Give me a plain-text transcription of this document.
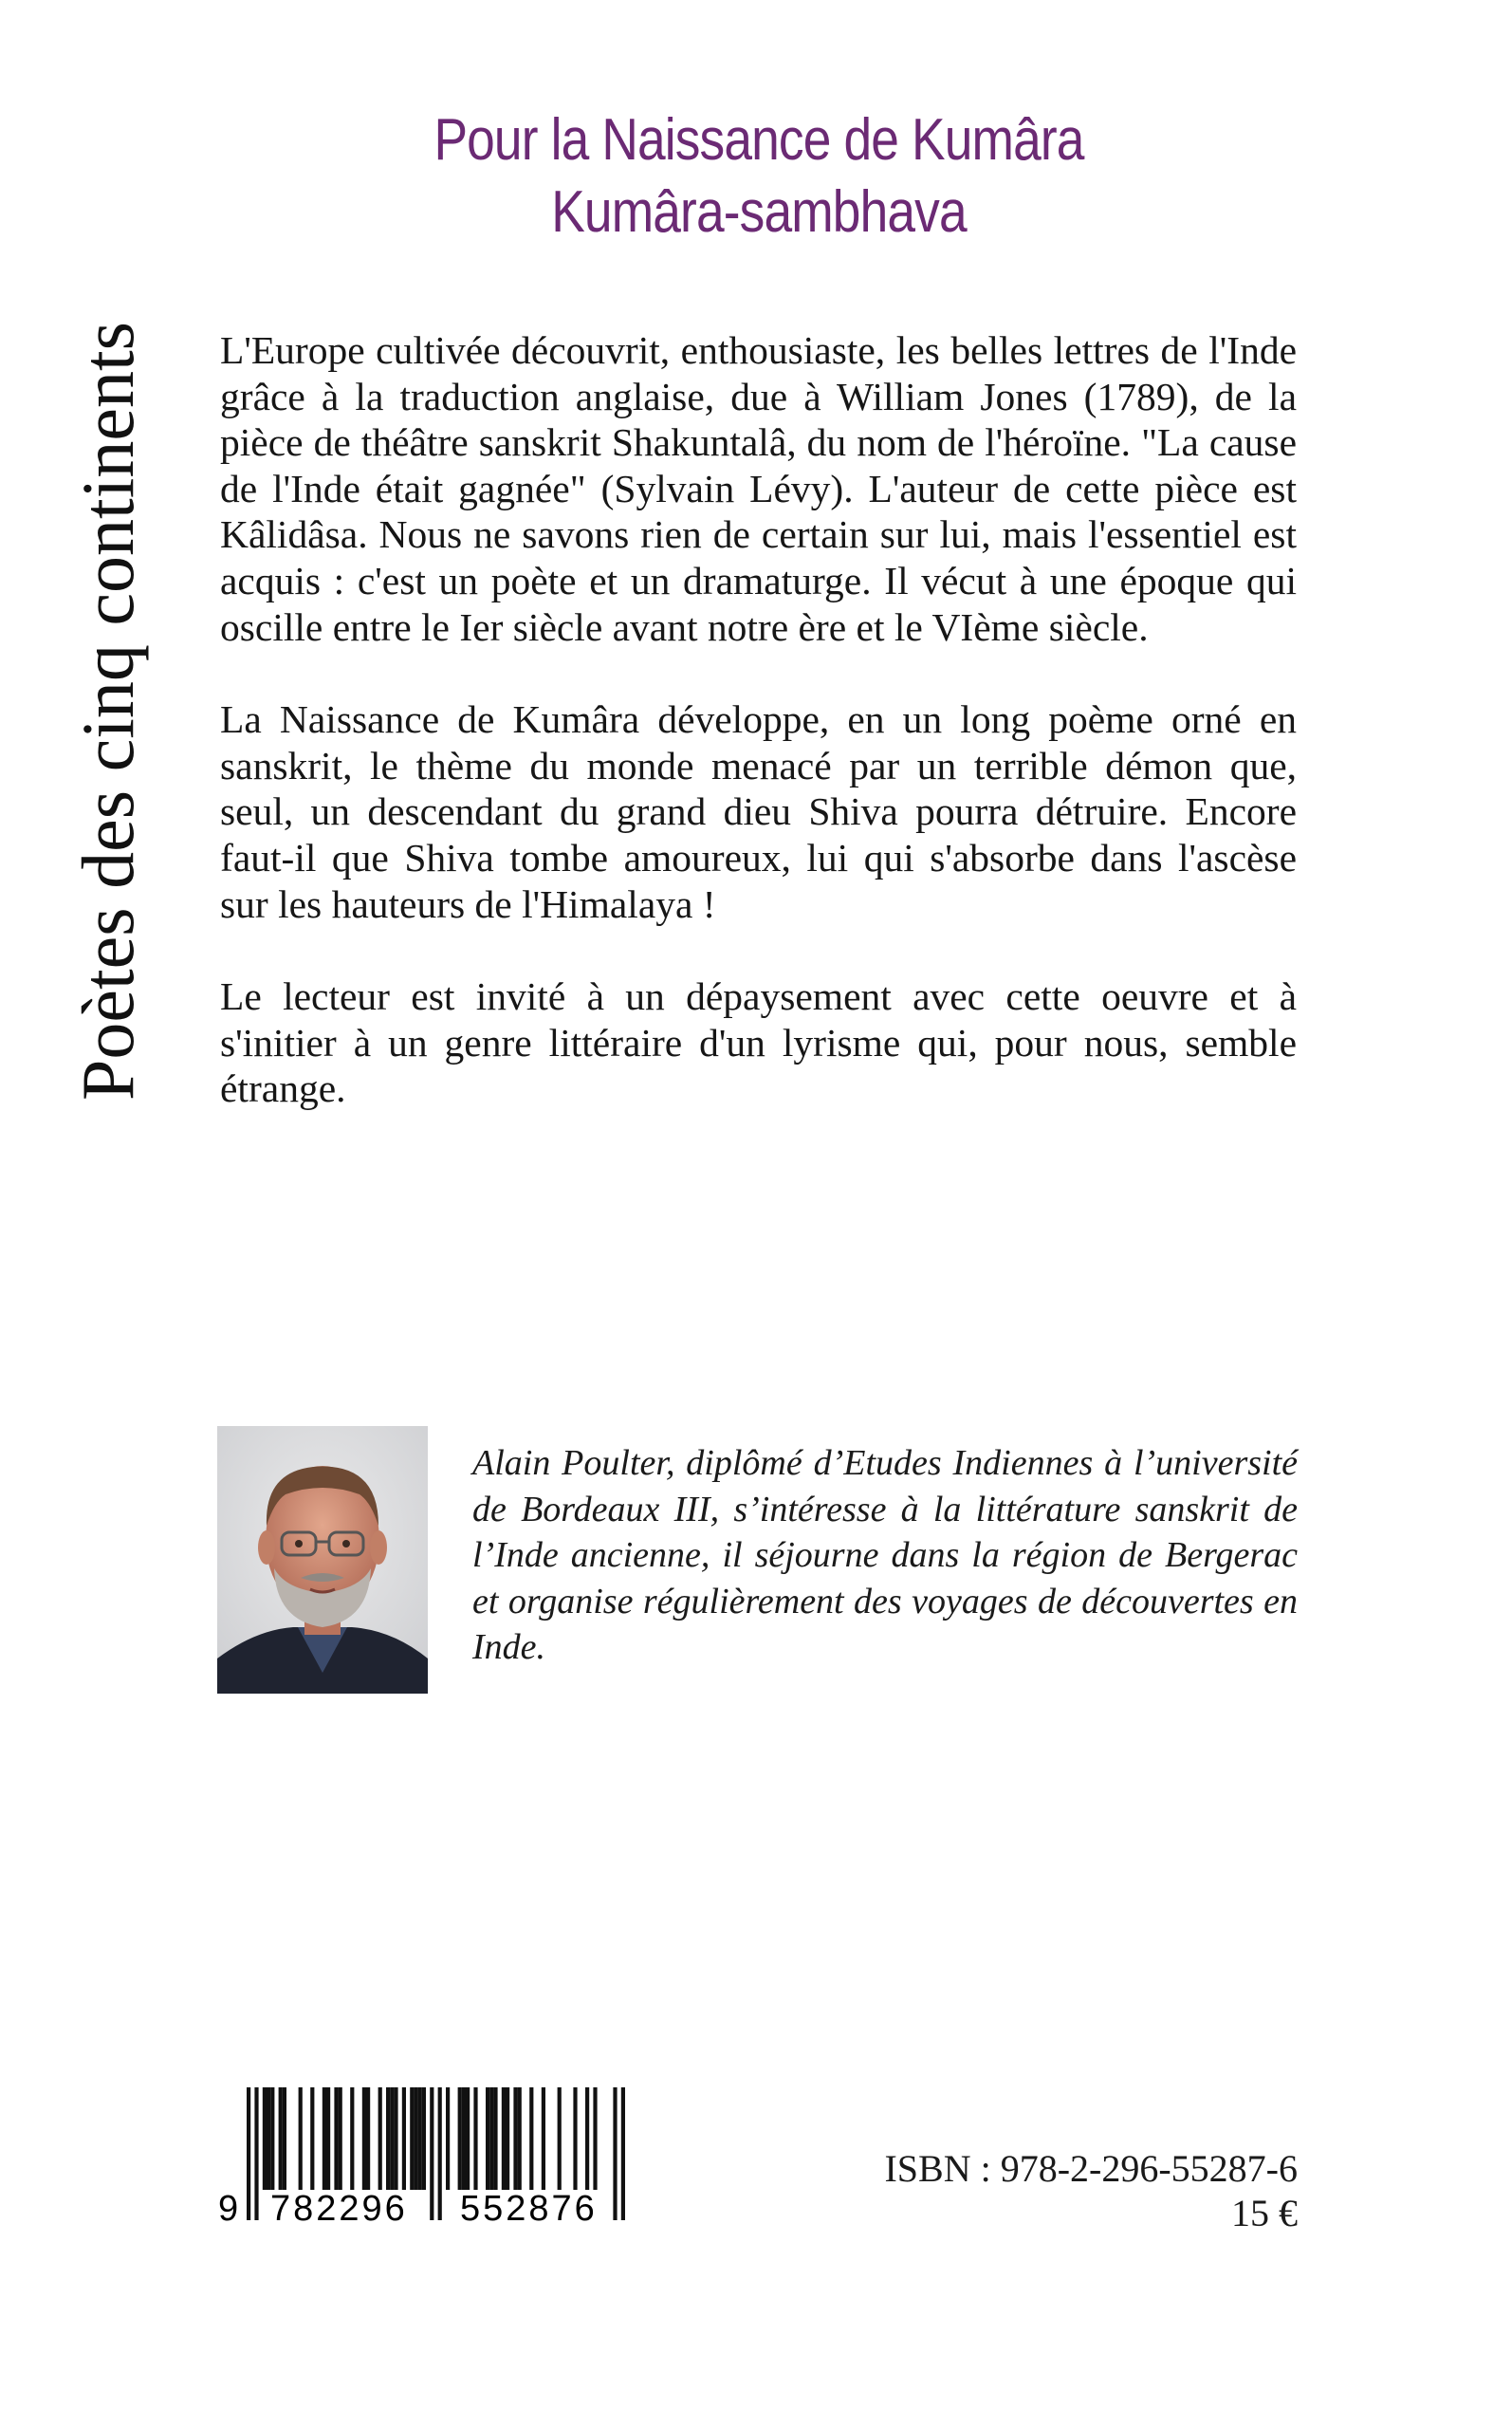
Poètes des cinq continents
Pour la Naissance de Kumâra
Kumâra-sambhava

L'Europe cultivée découvrit, enthousiaste, les belles lettres de l'Inde grâce à la traduction anglaise, due à William Jones (1789), de la pièce de théâtre sanskrit Shakuntalâ, du nom de l'héroïne. "La cause de l'Inde était gagnée" (Sylvain Lévy). L'auteur de cette pièce est Kâlidâsa. Nous ne savons rien de certain sur lui, mais l'essentiel est acquis : c'est un poète et un dramaturge. Il vécut à une époque qui oscille entre le Ier siècle avant notre ère et le VIème siècle.

La Naissance de Kumâra développe, en un long poème orné en sanskrit, le thème du monde menacé par un terrible démon que, seul, un descendant du grand dieu Shiva pourra détruire. Encore faut-il que Shiva tombe amoureux, lui qui s'absorbe dans l'ascèse sur les hauteurs de l'Himalaya !

Le lecteur est invité à un dépaysement avec cette oeuvre et à s'initier à un genre littéraire d'un lyrisme qui, pour nous, semble étrange.

Alain Poulter, diplômé d’Etudes Indiennes à l’université de Bordeaux III, s’intéresse à la littérature sanskrit de l’Inde ancienne, il séjourne dans la région de Bergerac et organise régulièrement des voyages de découvertes en Inde.
9 782296 552876
ISBN : 978-2-296-55287-6
15 €
